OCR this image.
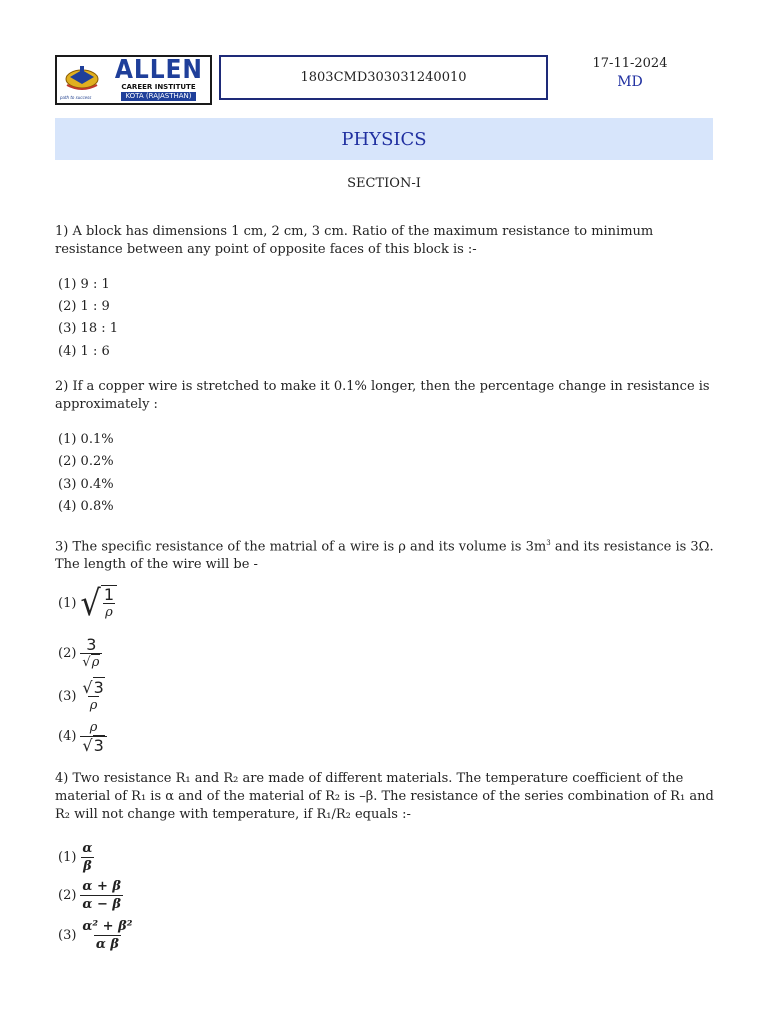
path to success
ALLEN
CAREER INSTITUTE
KOTA (RAJASTHAN)
1803CMD303031240010
17-11-2024
MD
PHYSICS
SECTION-I
1) A block has dimensions 1 cm, 2 cm, 3 cm. Ratio of the maximum resistance to minimum resistance between any point of opposite faces of this block is :-
(1) 9 : 1
(2) 1 : 9
(3) 18 : 1
(4) 1 : 6
2) If a copper wire is stretched to make it 0.1% longer, then the percentage change in resistance is approximately :
(1) 0.1%
(2) 0.2%
(3) 0.4%
(4) 0.8%
3) The specific resistance of the matrial of a wire is ρ and its volume is $3m^3$ and its resistance is 3Ω.
The length of the wire will be -
(1) √ $\frac{1}{\rho}$
$(2) \frac{3}{√\rho}$
$(3) \frac{√3}{\rho}$
$(4) \frac{\rho}{√3}$
4) Two resistance R₁ and R₂ are made of different materials. The temperature coefficient of the
material of R₁ is α and of the material of R₂ is –β. The resistance of the series combination of R₁ and
R₂ will not change with temperature, if R₁/R₂ equals :-
$(1) \frac{\alpha}{\beta}$
$(2) \frac{\alpha + \beta}{\alpha - \beta}$
$(3) \frac{\text{α² + β²}}{\text{α β}}$
